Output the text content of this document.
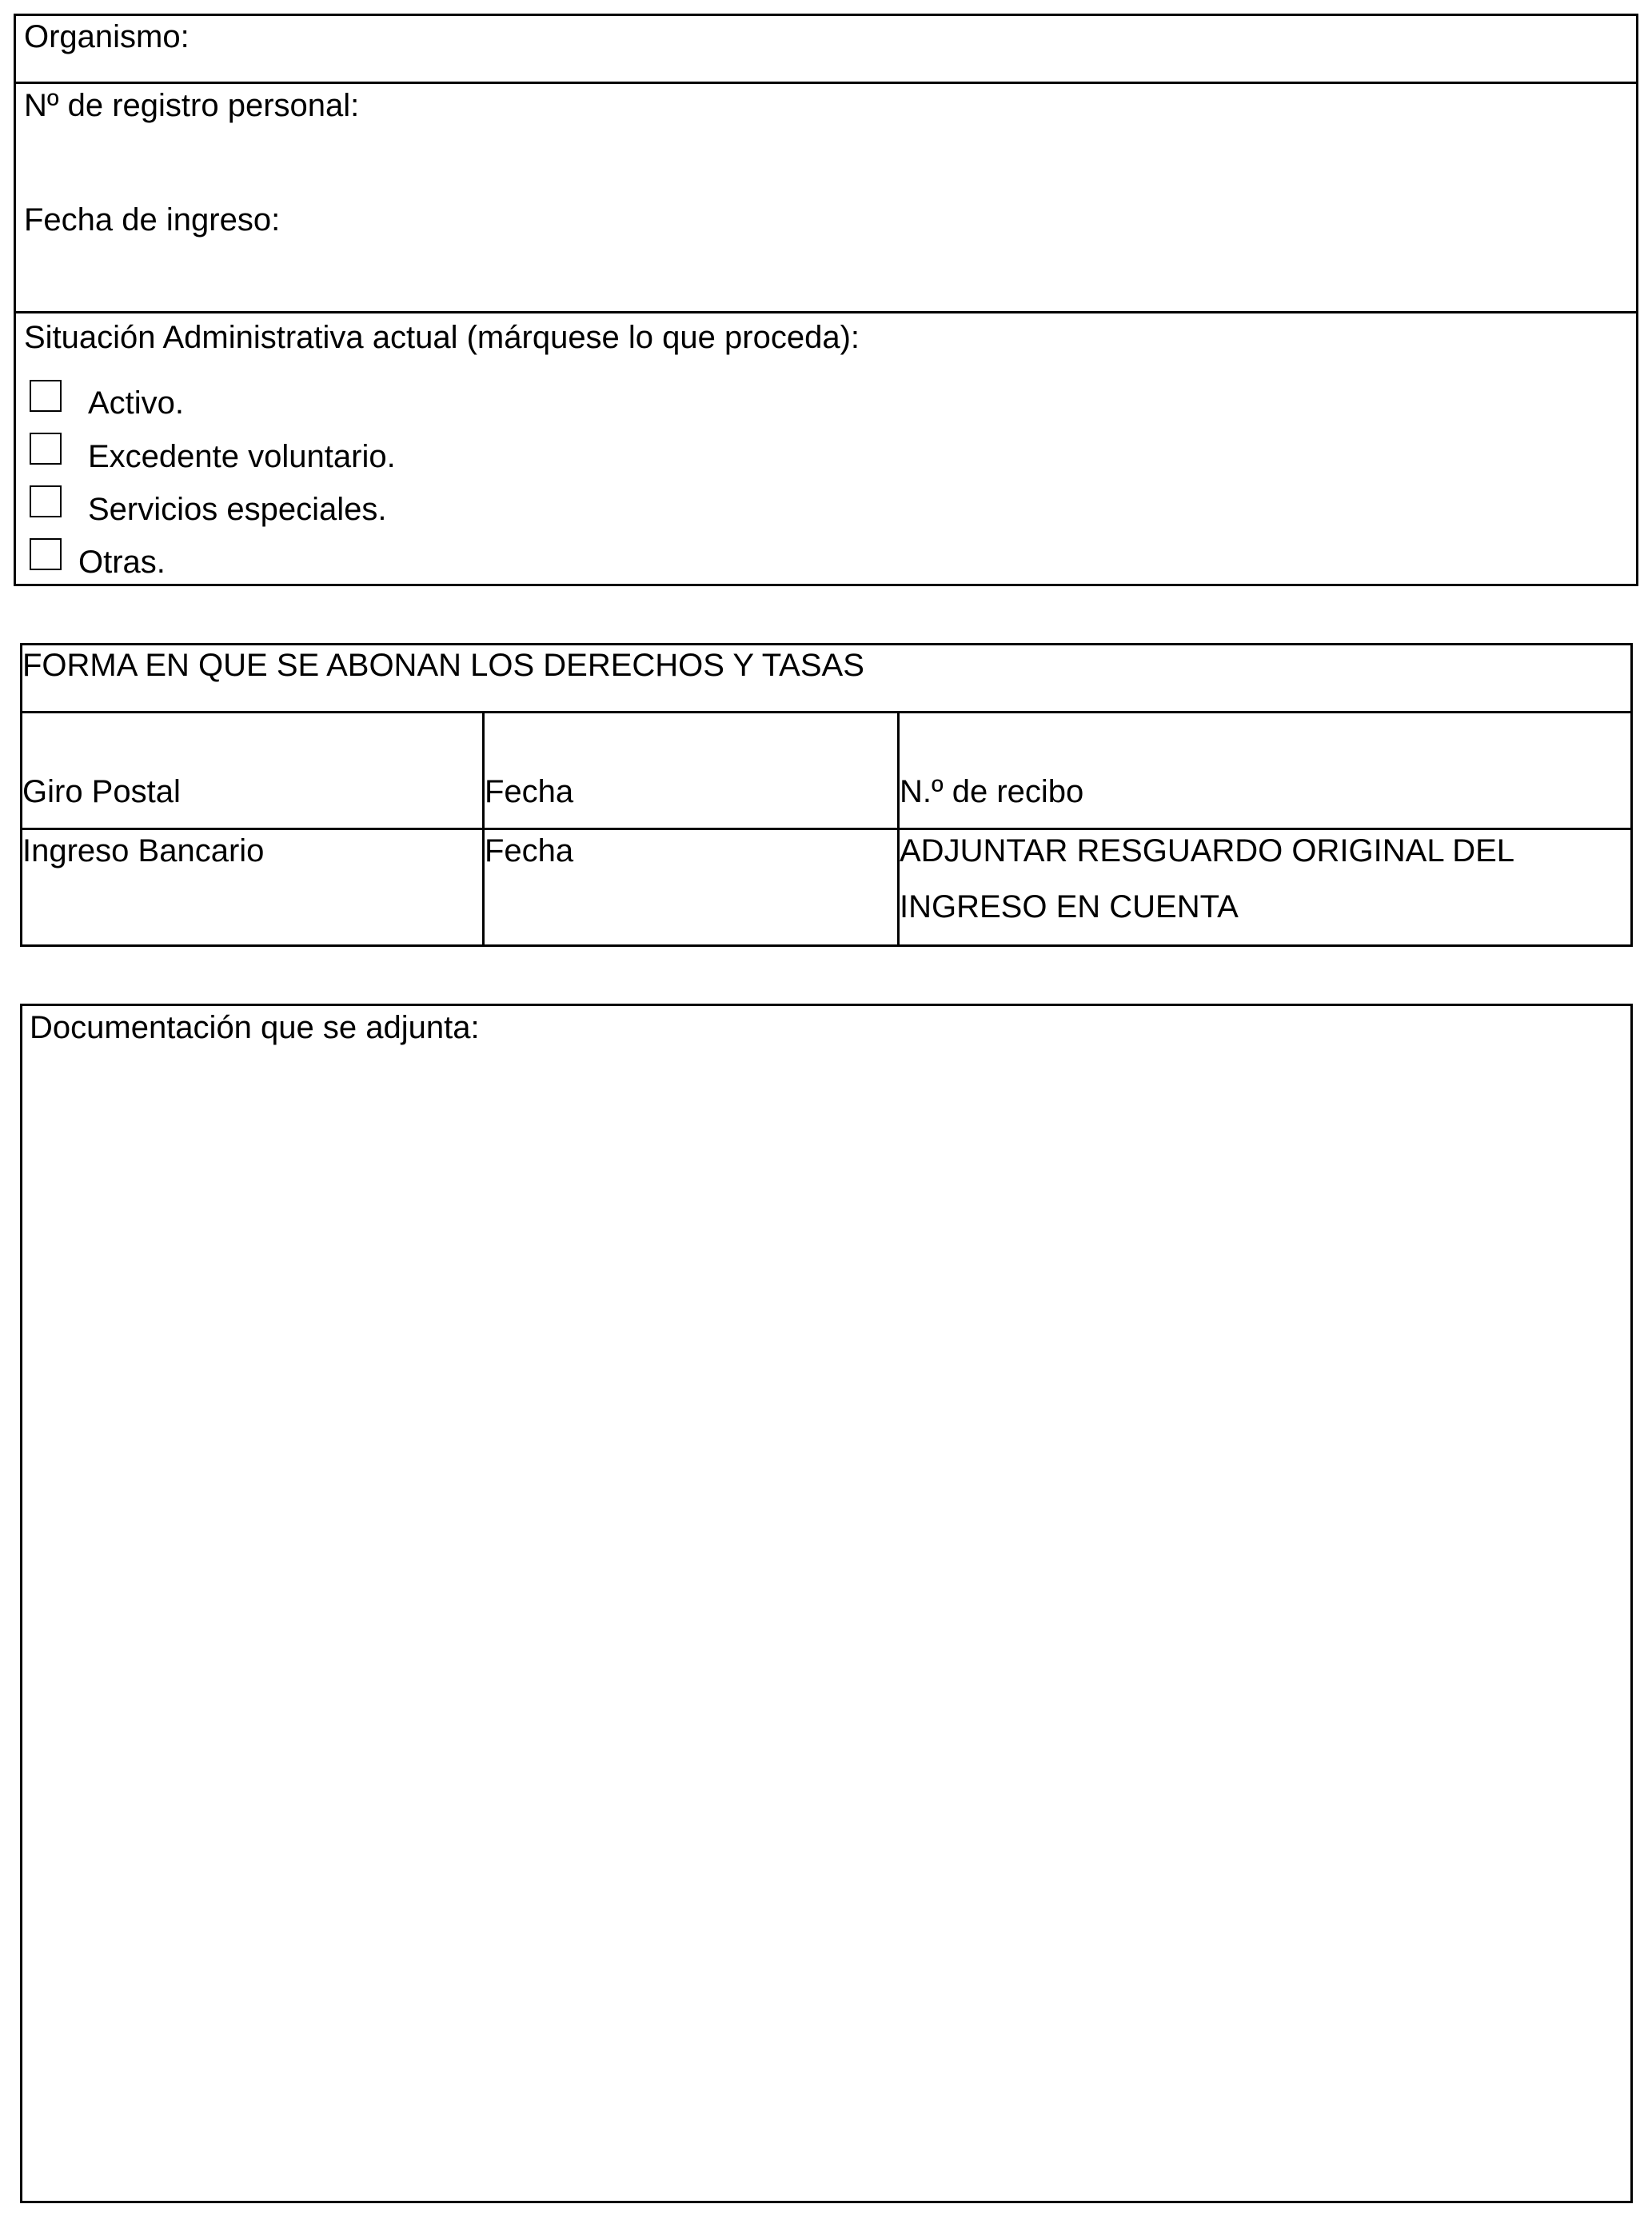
Organismo:
Nº de registro personal:
Fecha de ingreso:
Situación Administrativa actual (márquese lo que proceda):
Activo.
Excedente voluntario.
Servicios especiales.
Otras.
FORMA EN QUE SE ABONAN LOS DERECHOS Y TASAS
Giro Postal	Fecha	N.º de recibo
Ingreso Bancario	Fecha	ADJUNTAR RESGUARDO ORIGINAL DEL
INGRESO EN CUENTA
Documentación que se adjunta:
